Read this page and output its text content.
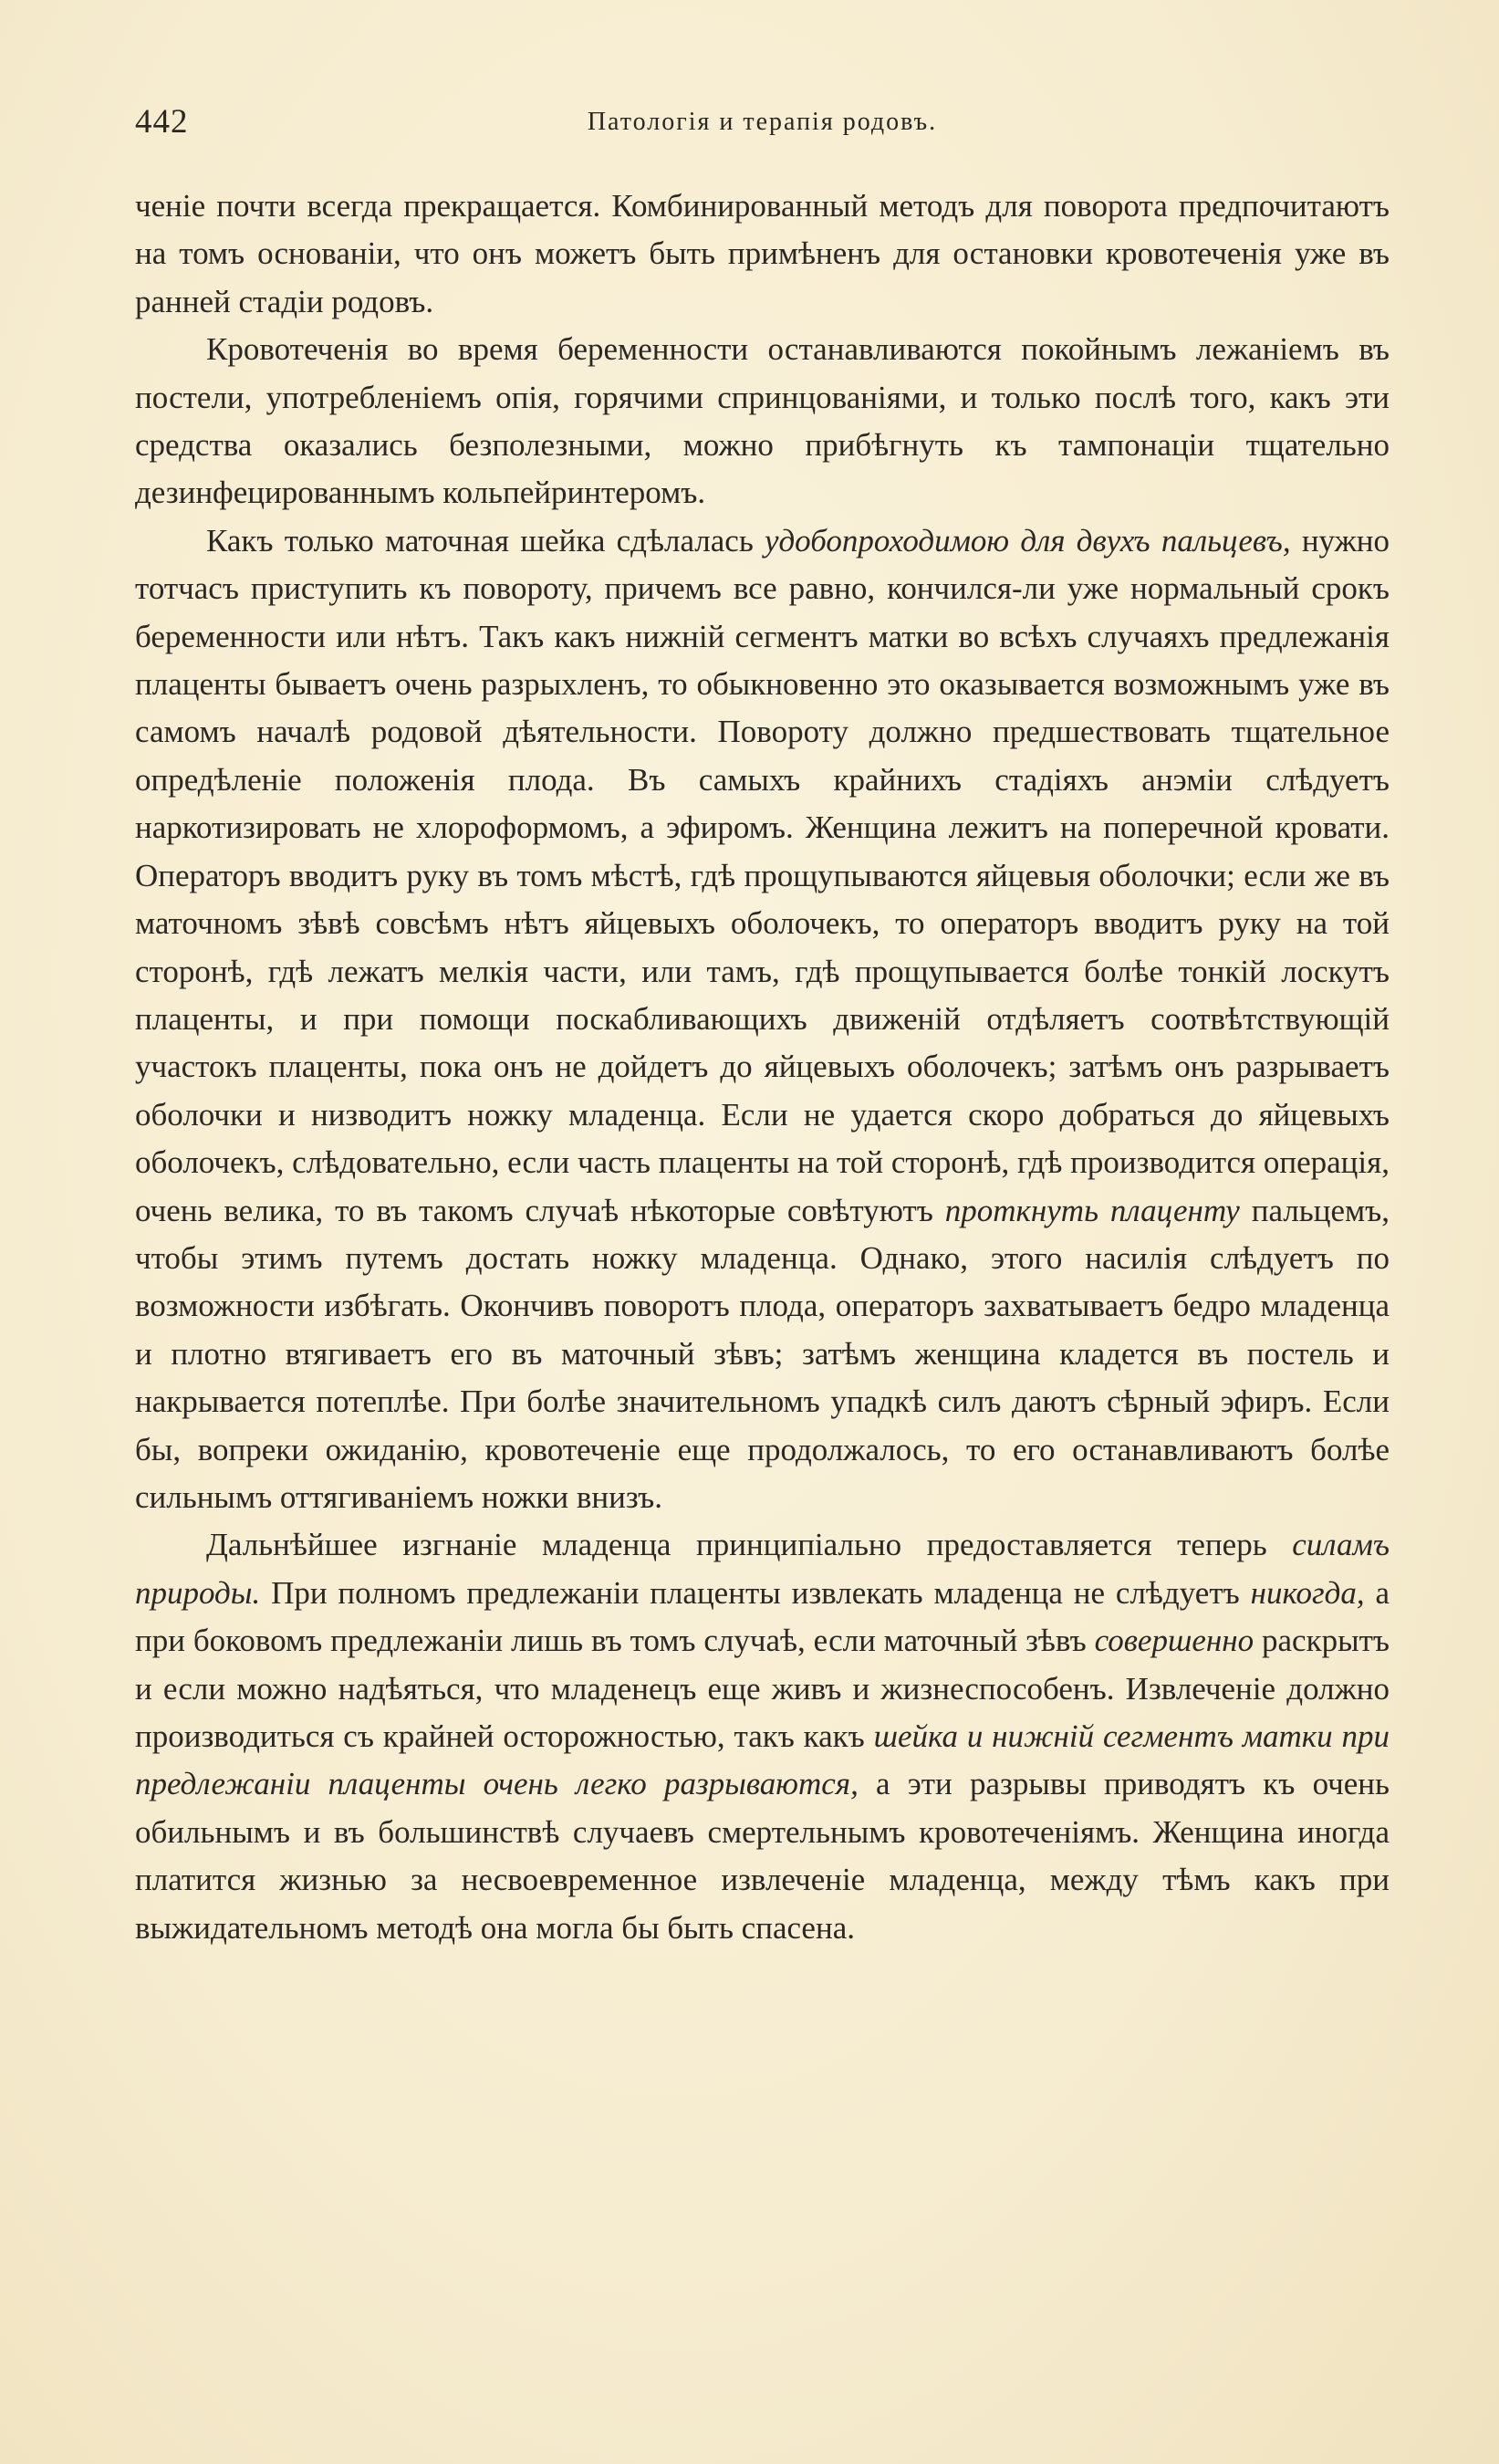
442	Патологія и терапія родовъ.

ченіе почти всегда прекращается. Комбинированный методъ для поворота предпочитаютъ на томъ основаніи, что онъ можетъ быть примѣненъ для остановки кровотеченія уже въ ранней стадіи родовъ.

Кровотеченія во время беременности останавливаются покойнымъ лежаніемъ въ постели, употребленіемъ опія, горячими спринцованіями, и только послѣ того, какъ эти средства оказались безполезными, можно прибѣгнуть къ тампонаціи тщательно дезинфецированнымъ кольпейринтеромъ.

Какъ только маточная шейка сдѣлалась удобопроходимою для двухъ пальцевъ, нужно тотчасъ приступить къ повороту, причемъ все равно, кончился-ли уже нормальный срокъ беременности или нѣтъ. Такъ какъ нижній сегментъ матки во всѣхъ случаяхъ предлежанія плаценты бываетъ очень разрыхленъ, то обыкновенно это оказывается возможнымъ уже въ самомъ началѣ родовой дѣятельности. Повороту должно предшествовать тщательное опредѣленіе положенія плода. Въ самыхъ крайнихъ стадіяхъ анэміи слѣдуетъ наркотизировать не хлороформомъ, а эфиромъ. Женщина лежитъ на поперечной кровати. Операторъ вводитъ руку въ томъ мѣстѣ, гдѣ прощупываются яйцевыя оболочки; если же въ маточномъ зѣвѣ совсѣмъ нѣтъ яйцевыхъ оболочекъ, то операторъ вводитъ руку на той сторонѣ, гдѣ лежатъ мелкія части, или тамъ, гдѣ прощупывается болѣе тонкій лоскутъ плаценты, и при помощи поскабливающихъ движеній отдѣляетъ соотвѣтствующій участокъ плаценты, пока онъ не дойдетъ до яйцевыхъ оболочекъ; затѣмъ онъ разрываетъ оболочки и низводитъ ножку младенца. Если не удается скоро добраться до яйцевыхъ оболочекъ, слѣдовательно, если часть плаценты на той сторонѣ, гдѣ производится операція, очень велика, то въ такомъ случаѣ нѣкоторые совѣтуютъ проткнуть плаценту пальцемъ, чтобы этимъ путемъ достать ножку младенца. Однако, этого насилія слѣдуетъ по возможности избѣгать. Окончивъ поворотъ плода, операторъ захватываетъ бедро младенца и плотно втягиваетъ его въ маточный зѣвъ; затѣмъ женщина кладется въ постель и накрывается потеплѣе. При болѣе значительномъ упадкѣ силъ даютъ сѣрный эфиръ. Если бы, вопреки ожиданію, кровотеченіе еще продолжалось, то его останавливаютъ болѣе сильнымъ оттягиваніемъ ножки внизъ.

Дальнѣйшее изгнаніе младенца принципіально предоставляется теперь силамъ природы. При полномъ предлежаніи плаценты извлекать младенца не слѣдуетъ никогда, а при боковомъ предлежаніи лишь въ томъ случаѣ, если маточный зѣвъ совершенно раскрытъ и если можно надѣяться, что младенецъ еще живъ и жизнеспособенъ. Извлеченіе должно производиться съ крайней осторожностью, такъ какъ шейка и нижній сегментъ матки при предлежаніи плаценты очень легко разрываются, а эти разрывы приводятъ къ очень обильнымъ и въ большинствѣ случаевъ смертельнымъ кровотеченіямъ. Женщина иногда платится жизнью за несвоевременное извлеченіе младенца, между тѣмъ какъ при выжидательномъ методѣ она могла бы быть спасена.
